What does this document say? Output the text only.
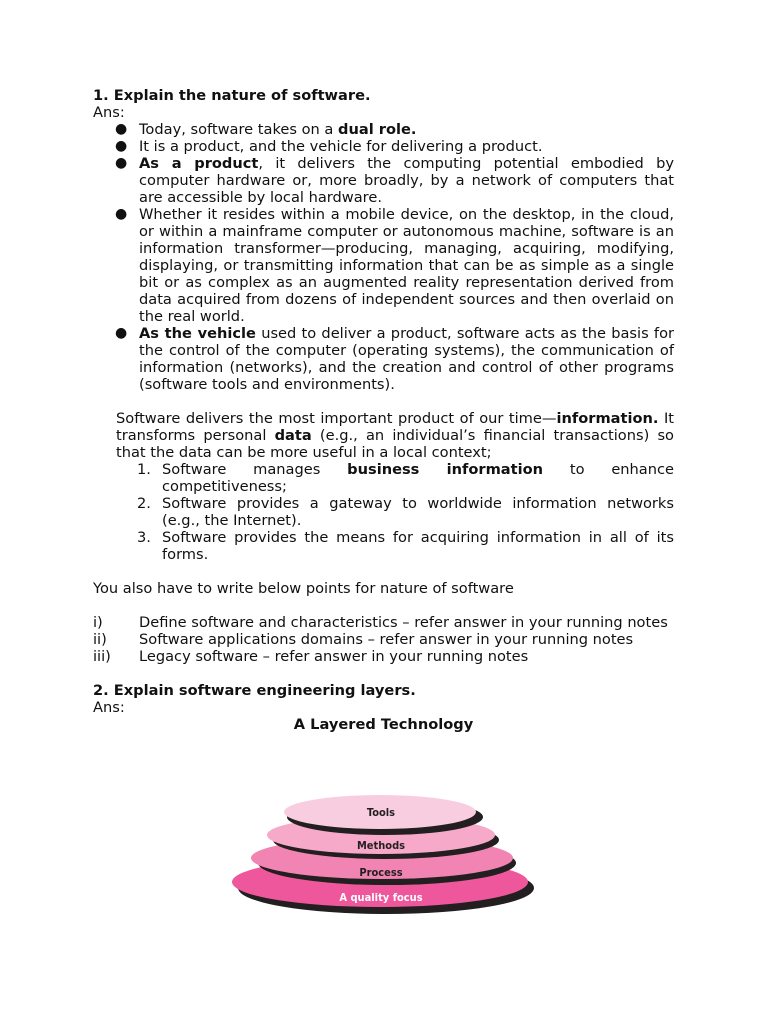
1. Explain the nature of software.
Ans:
● Today, software takes on a dual role.
● It is a product, and the vehicle for delivering a product.
● As a product, it delivers the computing potential embodied by computer hardware or, more broadly, by a network of computers that are accessible by local hardware.
● Whether it resides within a mobile device, on the desktop, in the cloud, or within a mainframe computer or autonomous machine, software is an information transformer—producing, managing, acquiring, modifying, displaying, or transmitting information that can be as simple as a single bit or as complex as an augmented reality representation derived from data acquired from dozens of independent sources and then overlaid on the real world.
● As the vehicle used to deliver a product, software acts as the basis for the control of the computer (operating systems), the communication of information (networks), and the creation and control of other programs (software tools and environments).
Software delivers the most important product of our time—information. It transforms personal data (e.g., an individual’s financial transactions) so that the data can be more useful in a local context;
1. Software manages business information to enhance competitiveness;
2. Software provides a gateway to worldwide information networks (e.g., the Internet).
3. Software provides the means for acquiring information in all of its forms.
You also have to write below points for nature of software
i) Define software and characteristics – refer answer in your running notes
ii) Software applications domains – refer answer in your running notes
iii) Legacy software – refer answer in your running notes
2. Explain software engineering layers.
Ans:
A Layered Technology
Tools
Methods
Process
A quality focus
